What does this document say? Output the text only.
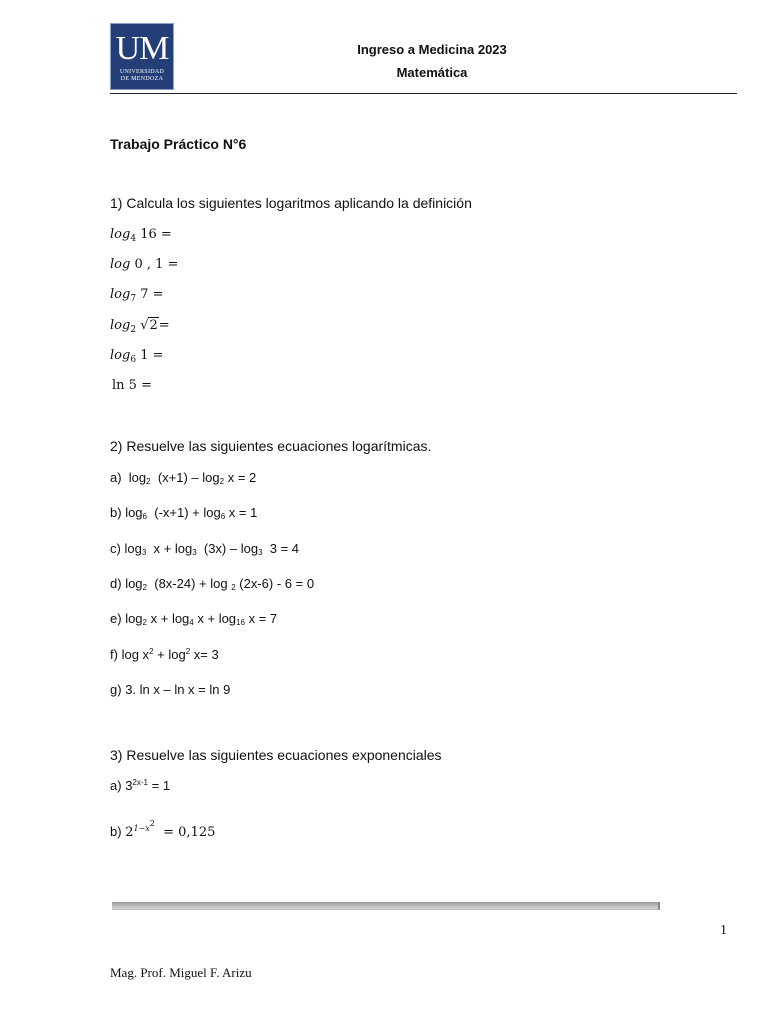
UM
UNIVERSIDAD
DE MENDOZA
Ingreso a Medicina 2023
Matemática
Trabajo Práctico N°6
1) Calcula los siguientes logaritmos aplicando la definición
$\log_4 16$ =
log 0 , 1 =
$\log_7 7$ =
$\log_2 √2=$
$\log_6 1$ =
ln 5 =
2) Resuelve las siguientes ecuaciones logarítmicas.
a) $\log_2 (x+1) - \log_2 x = 2$
b) $\log_6 (-x+1) + \log_6 x = 1$
c) $\log_3 x + \log_3 (3x) - \log_3 3 = 4$
d) $\log_2 (8x-24) + \log _2$ (2x-6) - 6 = 0
e) $\log_2 x + \log_4 x + \log_{16} x = 7$
f) $\log x^2 + \log^2 x= 3$
g) 3. ln x – ln x = ln 9
3) Resuelve las siguientes ecuaciones exponenciales
a) $3^{2x-1} = 1$
b) $2^{1-x^2} = 0,125$
1
Mag. Prof. Miguel F. Arizu
